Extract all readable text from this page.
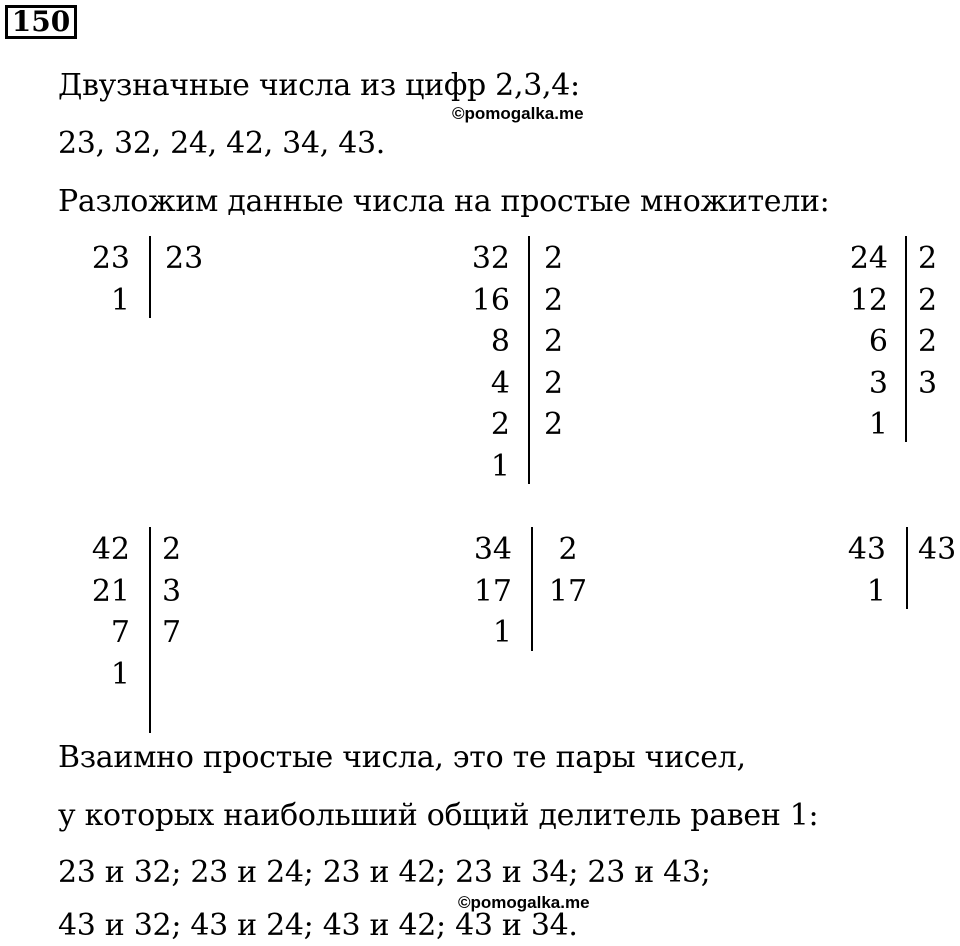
150
Двузначные числа из цифр 2,3,4:
©pomogalka.me
23, 32, 24, 42, 34, 43.
Разложим данные числа на простые множители:
23
1
23	32
16
8
4
2
1
2
2
2
2
2
24
12
6
3
1
2
2
2
3
42
21
7
1
2
3
7
34
17
1
2
17
43
1
43
Взаимно простые числа, это те пары чисел,
у которых наибольший общий делитель равен 1:
23 и 32; 23 и 24; 23 и 42; 23 и 34; 23 и 43;
©pomogalka.me
43 и 32; 43 и 24; 43 и 42; 43 и 34.
